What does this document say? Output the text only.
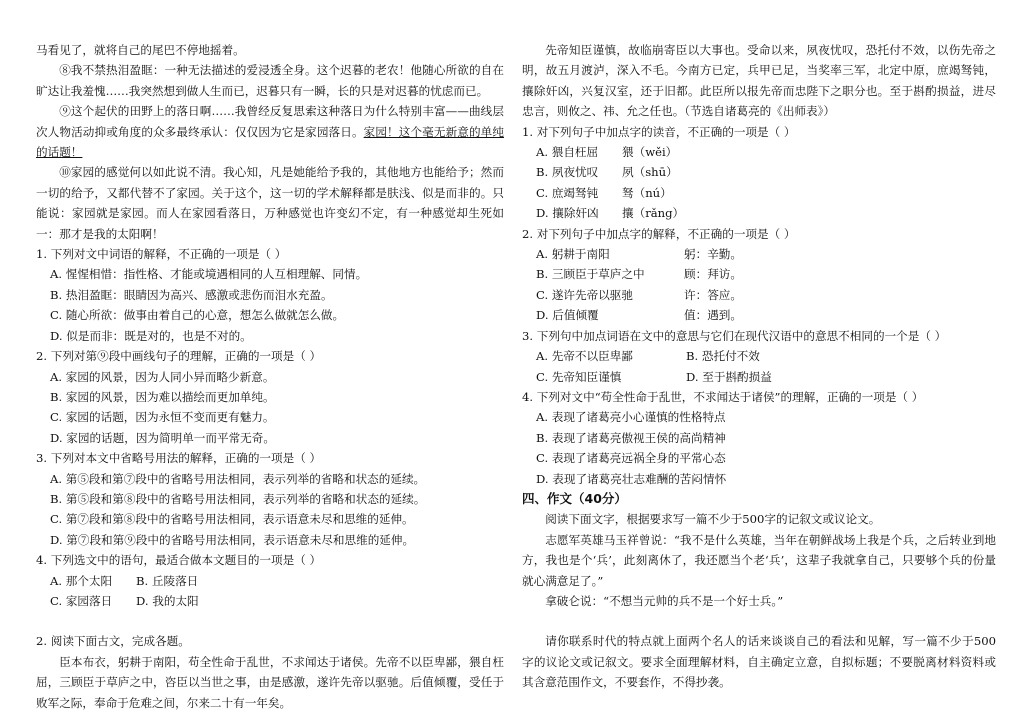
马看见了，就将自己的尾巴不停地摇着。

⑧我不禁热泪盈眶：一种无法描述的爱浸透全身。这个迟暮的老农！他随心所欲的自在旷达让我羞愧……我突然想到做人生而已，迟暮只有一瞬，长的只是对迟暮的忧虑而已。

⑨这个起伏的田野上的落日啊……我曾经反复思索这种落日为什么特别丰富——曲线层次人物活动抑或角度的众多最终承认：仅仅因为它是家园落日。家园！这个毫无新意的单纯的话题！

⑩家园的感觉何以如此说不清。我心知，凡是她能给予我的，其他地方也能给予；然而一切的给予，又都代替不了家园。关于这个，这一切的学术解释都是肤浅、似是而非的。只能说：家园就是家园。而人在家园看落日，万种感觉也许变幻不定，有一种感觉却生死如一：那才是我的太阳啊！

1. 下列对文中词语的解释，不正确的一项是（ ）

A. 惺惺相惜：指性格、才能或境遇相同的人互相理解、同情。

B. 热泪盈眶：眼睛因为高兴、感激或悲伤而泪水充盈。

C. 随心所欲：做事由着自己的心意，想怎么做就怎么做。

D. 似是而非：既是对的，也是不对的。

2. 下列对第⑨段中画线句子的理解，正确的一项是（ ）

A. 家园的风景，因为人同小异而略少新意。

B. 家园的风景，因为难以描绘而更加单纯。

C. 家园的话题，因为永恒不变而更有魅力。

D. 家园的话题，因为简明单一而平常无奇。

3. 下列对本文中省略号用法的解释，正确的一项是（ ）

A. 第⑤段和第⑦段中的省略号用法相同，表示列举的省略和状态的延续。

B. 第⑤段和第⑧段中的省略号用法相同，表示列举的省略和状态的延续。

C. 第⑦段和第⑧段中的省略号用法相同，表示语意未尽和思维的延伸。

D. 第⑦段和第⑨段中的省略号用法相同，表示语意未尽和思维的延伸。

4. 下列选文中的语句，最适合做本文题目的一项是（ ）

A. 那个太阳	B. 丘陵落日

C. 家园落日	D. 我的太阳

2. 阅读下面古文，完成各题。

臣本布衣，躬耕于南阳，苟全性命于乱世，不求闻达于诸侯。先帝不以臣卑鄙，猥自枉屈，三顾臣于草庐之中，咨臣以当世之事，由是感激，遂许先帝以驱驰。后值倾覆，受任于败军之际，奉命于危难之间，尔来二十有一年矣。

先帝知臣谨慎，故临崩寄臣以大事也。受命以来，夙夜忧叹，恐托付不效，以伤先帝之明，故五月渡泸，深入不毛。今南方已定，兵甲已足，当奖率三军，北定中原，庶竭驽钝，攘除奸凶，兴复汉室，还于旧都。此臣所以报先帝而忠陛下之职分也。至于斟酌损益，进尽忠言，则攸之、祎、允之任也。（节选自诸葛亮的《出师表》）

1. 对下列句子中加点字的读音，不正确的一项是（ ）

A. 猥自枉屈	猥（wěi）

B. 夙夜忧叹	夙（shū）

C. 庶竭驽钝	驽（nú）

D. 攘除奸凶	攘（rǎng）

2. 对下列句子中加点字的解释，不正确的一项是（ ）

A. 躬耕于南阳	躬：辛勤。

B. 三顾臣于草庐之中	顾：拜访。

C. 遂许先帝以驱驰	许：答应。

D. 后值倾覆	值：遇到。

3. 下列句中加点词语在文中的意思与它们在现代汉语中的意思不相同的一个是（ ）

A. 先帝不以臣卑鄙	B. 恐托付不效

C. 先帝知臣谨慎	D. 至于斟酌损益

4. 下列对文中“苟全性命于乱世，不求闻达于诸侯”的理解，正确的一项是（ ）

A. 表现了诸葛亮小心谨慎的性格特点

B. 表现了诸葛亮傲视王侯的高尚精神

C. 表现了诸葛亮远祸全身的平常心态

D. 表现了诸葛亮壮志难酬的苦闷情怀

四、作文（40分）

阅读下面文字，根据要求写一篇不少于500字的记叙文或议论文。

志愿军英雄马玉祥曾说：“我不是什么英雄，当年在朝鲜战场上我是个兵，之后转业到地方，我也是个‘兵’，此刻离休了，我还愿当个老‘兵’，这辈子我就拿自己，只要够个兵的份量就心满意足了。”

拿破仑说：“不想当元帅的兵不是一个好士兵。”

请你联系时代的特点就上面两个名人的话来谈谈自己的看法和见解，写一篇不少于500字的议论文或记叙文。要求全面理解材料，自主确定立意，自拟标题；不要脱离材料资料或其含意范围作文，不要套作，不得抄袭。
